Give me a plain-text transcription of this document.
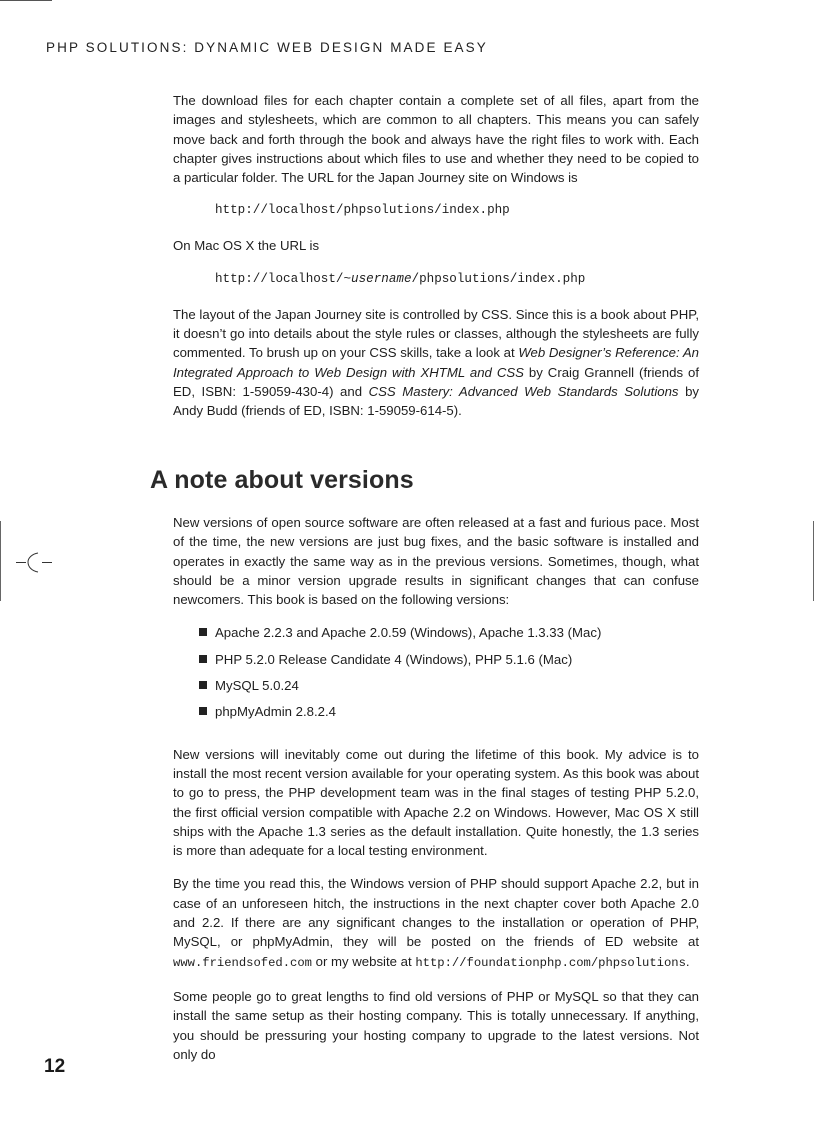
PHP SOLUTIONS: DYNAMIC WEB DESIGN MADE EASY

The download files for each chapter contain a complete set of all files, apart from the images and stylesheets, which are common to all chapters. This means you can safely move back and forth through the book and always have the right files to work with. Each chapter gives instructions about which files to use and whether they need to be copied to a particular folder. The URL for the Japan Journey site on Windows is

http://localhost/phpsolutions/index.php

On Mac OS X the URL is

http://localhost/~username/phpsolutions/index.php

The layout of the Japan Journey site is controlled by CSS. Since this is a book about PHP, it doesn’t go into details about the style rules or classes, although the stylesheets are fully commented. To brush up on your CSS skills, take a look at Web Designer’s Reference: An Integrated Approach to Web Design with XHTML and CSS by Craig Grannell (friends of ED, ISBN: 1-59059-430-4) and CSS Mastery: Advanced Web Standards Solutions by Andy Budd (friends of ED, ISBN: 1-59059-614-5).

A note about versions

New versions of open source software are often released at a fast and furious pace. Most of the time, the new versions are just bug fixes, and the basic software is installed and operates in exactly the same way as in the previous versions. Sometimes, though, what should be a minor version upgrade results in significant changes that can confuse newcomers. This book is based on the following versions:

Apache 2.2.3 and Apache 2.0.59 (Windows), Apache 1.3.33 (Mac)
PHP 5.2.0 Release Candidate 4 (Windows), PHP 5.1.6 (Mac)
MySQL 5.0.24
phpMyAdmin 2.8.2.4

New versions will inevitably come out during the lifetime of this book. My advice is to install the most recent version available for your operating system. As this book was about to go to press, the PHP development team was in the final stages of testing PHP 5.2.0, the first official version compatible with Apache 2.2 on Windows. However, Mac OS X still ships with the Apache 1.3 series as the default installation. Quite honestly, the 1.3 series is more than adequate for a local testing environment.

By the time you read this, the Windows version of PHP should support Apache 2.2, but in case of an unforeseen hitch, the instructions in the next chapter cover both Apache 2.0 and 2.2. If there are any significant changes to the installation or operation of PHP, MySQL, or phpMyAdmin, they will be posted on the friends of ED website at www.friendsofed.com or my website at http://foundationphp.com/phpsolutions.

Some people go to great lengths to find old versions of PHP or MySQL so that they can install the same setup as their hosting company. This is totally unnecessary. If anything, you should be pressuring your hosting company to upgrade to the latest versions. Not only do

12
